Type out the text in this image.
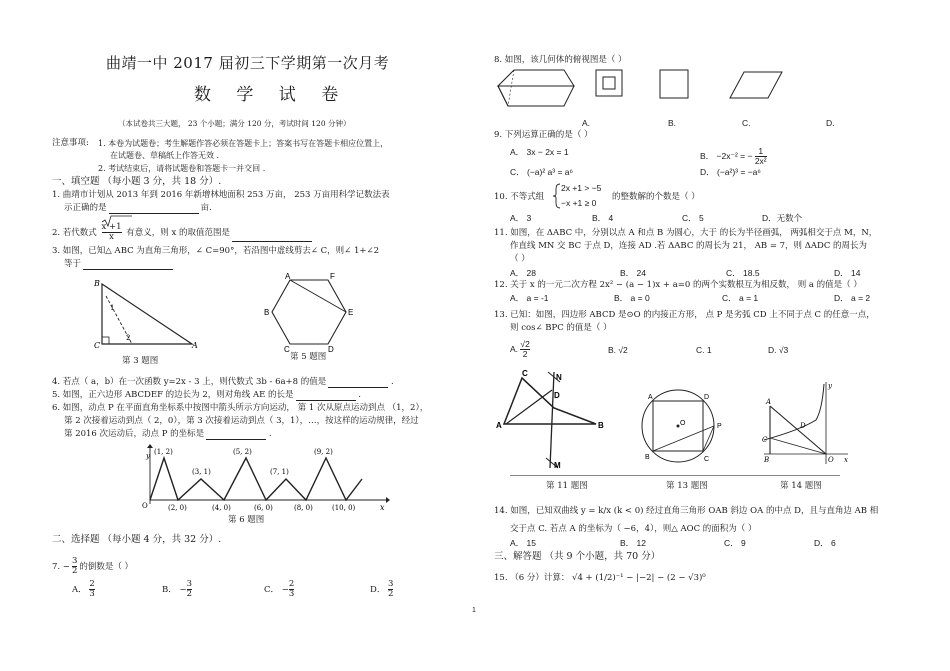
曲靖一中 2017 届初三下学期第一次月考
数 学 试 卷
（本试卷共三大题， 23 个小题；满分 120 分，考试时间 120 分钟）
注意事项: 1. 本卷为试题卷；考生解题作答必须在答题卡上；答案书写在答题卡相应位置上，
在试题卷、草稿纸上作答无效 .
2. 考试结束后，请将试题卷和答题卡一并交回 .
一、填空题 （每小题 3 分，共 18 分）.
1. 曲靖市计划从 2013 年到 2016 年新增林地面积 253 万亩， 253 万亩用科学记数法表
示正确的是	亩.
2. 若代数式 $\frac{x +1}{x}$ 有意义，则 x 的取值范围是
3. 如图，已知△ ABC 为直角三角形，∠ C=90°，若沿图中虚线剪去∠ C，则∠ 1+∠2
等于
B
C	A
1
2
第 3 题图
A	F
E
B
C	D
第 5 题图
4. 若点（ a，b）在一次函数 y=2x - 3 上，则代数式 3b - 6a+8 的值是	.
5. 如图，正六边形 ABCDEF 的边长为 2，则对角线 AE 的长是	.
6. 如图，动点 P 在平面直角坐标系中按图中箭头所示方向运动， 第 1 次从原点运动到点 （1，2），
第 2 次接着运动到点（ 2，0），第 3 次接着运动到点（ 3，1），…，按这样的运动规律，经过
第 2016 次运动后，动点 P 的坐标是	.
O
y
x
(1, 2)
(3, 1)
(5, 2)
(7, 1)
(9, 2)
(2, 0)	(4, 0)	(6, 0)	(8, 0)	(10, 0)
第 6 题图
二、选择题 （每小题 4 分，共 32 分）.
7. − $\frac{3}{2}$ 的倒数是（ ）
A． $\frac{2}{3}$	B． − $\frac{3}{2}$	C． − $\frac{2}{3}$	D． $\frac{3}{2}$
8. 如图，该几何体的俯视图是（ ）
A.	B.	C.	D.
9. 下列运算正确的是（ ）
A． 3x − 2x = 1	B． −2x⁻² = − $\frac{1}{\text{2x²}}$
C． (−a)² a³ = a⁶	D． (−a²)³ = −a⁶
10. 不等式组
2x +1 > −5
−x +1 ≥ 0
的整数解的个数是（ ）
A． 3	B． 4	C． 5	D．无数个
11. 如图，在 ΔABC 中，分别以点 A 和点 B 为圆心，大于 的长为半径画弧， 两弧相交于点 M，N，
作直线 MN 交 BC 于点 D，连接 AD .若 ΔABC 的周长为 21， AB = 7，则 ΔADC 的周长为
（ ）
A． 28	B． 24	C． 18.5	D． 14
12. 关于 x 的一元二次方程 2x² − (a − 1)x + a=0 的两个实数根互为相反数， 则 a 的值是（ ）
A． a = -1	B． a = 0	C． a = 1	D． a = 2
13. 已知：如图，四边形 ABCD 是⊙O 的内接正方形， 点 P 是劣弧 CD 上不同于点 C 的任意一点，
则 cos∠ BPC 的值是（ ）
A. $\frac{√2}{2}$	B. √2	C. 1	D. √3
C	N
D
A	B
M
O
A	D
P
B	C
A
D
C
B	O x
y
第 11 题图	第 13 题图	第 14 题图
14. 如图，已知双曲线 y = k/x (k < 0) 经过直角三角形 OAB 斜边 OA 的中点 D，且与直角边 AB 相
交于点 C. 若点 A 的坐标为（ −6，4），则△ AOC 的面积为（ ）
A． 15	B． 12	C． 9	D． 6
三、解答题 （共 9 个小题，共 70 分）
15. （6 分）计算： √4 + (1/2)⁻¹ − |−2| − (2 − √3)⁰
1
